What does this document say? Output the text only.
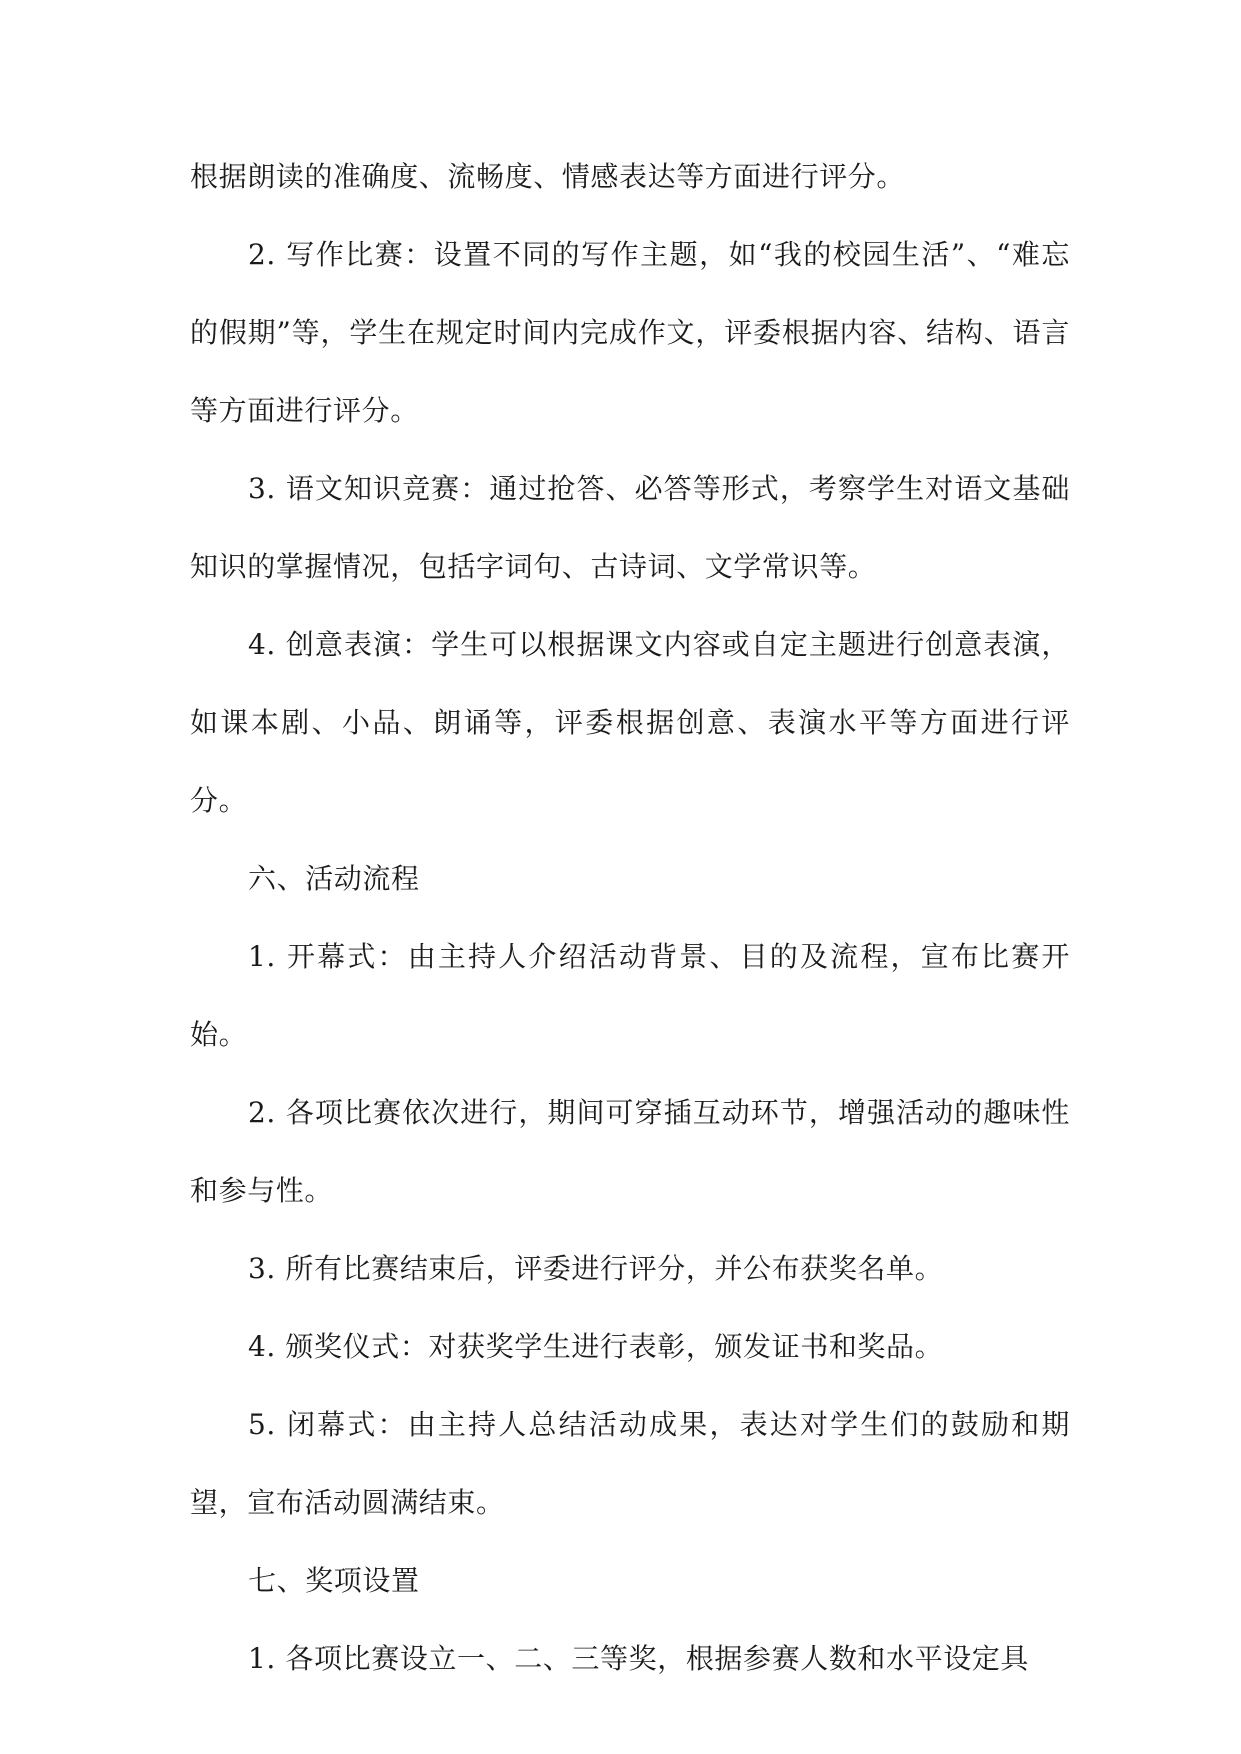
根据朗读的准确度、流畅度、情感表达等方面进行评分。

2. 写作比赛：设置不同的写作主题，如“我的校园生活”、“难忘的假期”等，学生在规定时间内完成作文，评委根据内容、结构、语言等方面进行评分。

3. 语文知识竞赛：通过抢答、必答等形式，考察学生对语文基础知识的掌握情况，包括字词句、古诗词、文学常识等。

4. 创意表演：学生可以根据课文内容或自定主题进行创意表演，如课本剧、小品、朗诵等，评委根据创意、表演水平等方面进行评分。

六、活动流程

1. 开幕式：由主持人介绍活动背景、目的及流程，宣布比赛开始。

2. 各项比赛依次进行，期间可穿插互动环节，增强活动的趣味性和参与性。

3. 所有比赛结束后，评委进行评分，并公布获奖名单。

4. 颁奖仪式：对获奖学生进行表彰，颁发证书和奖品。

5. 闭幕式：由主持人总结活动成果，表达对学生们的鼓励和期望，宣布活动圆满结束。

七、奖项设置

1. 各项比赛设立一、二、三等奖，根据参赛人数和水平设定具
